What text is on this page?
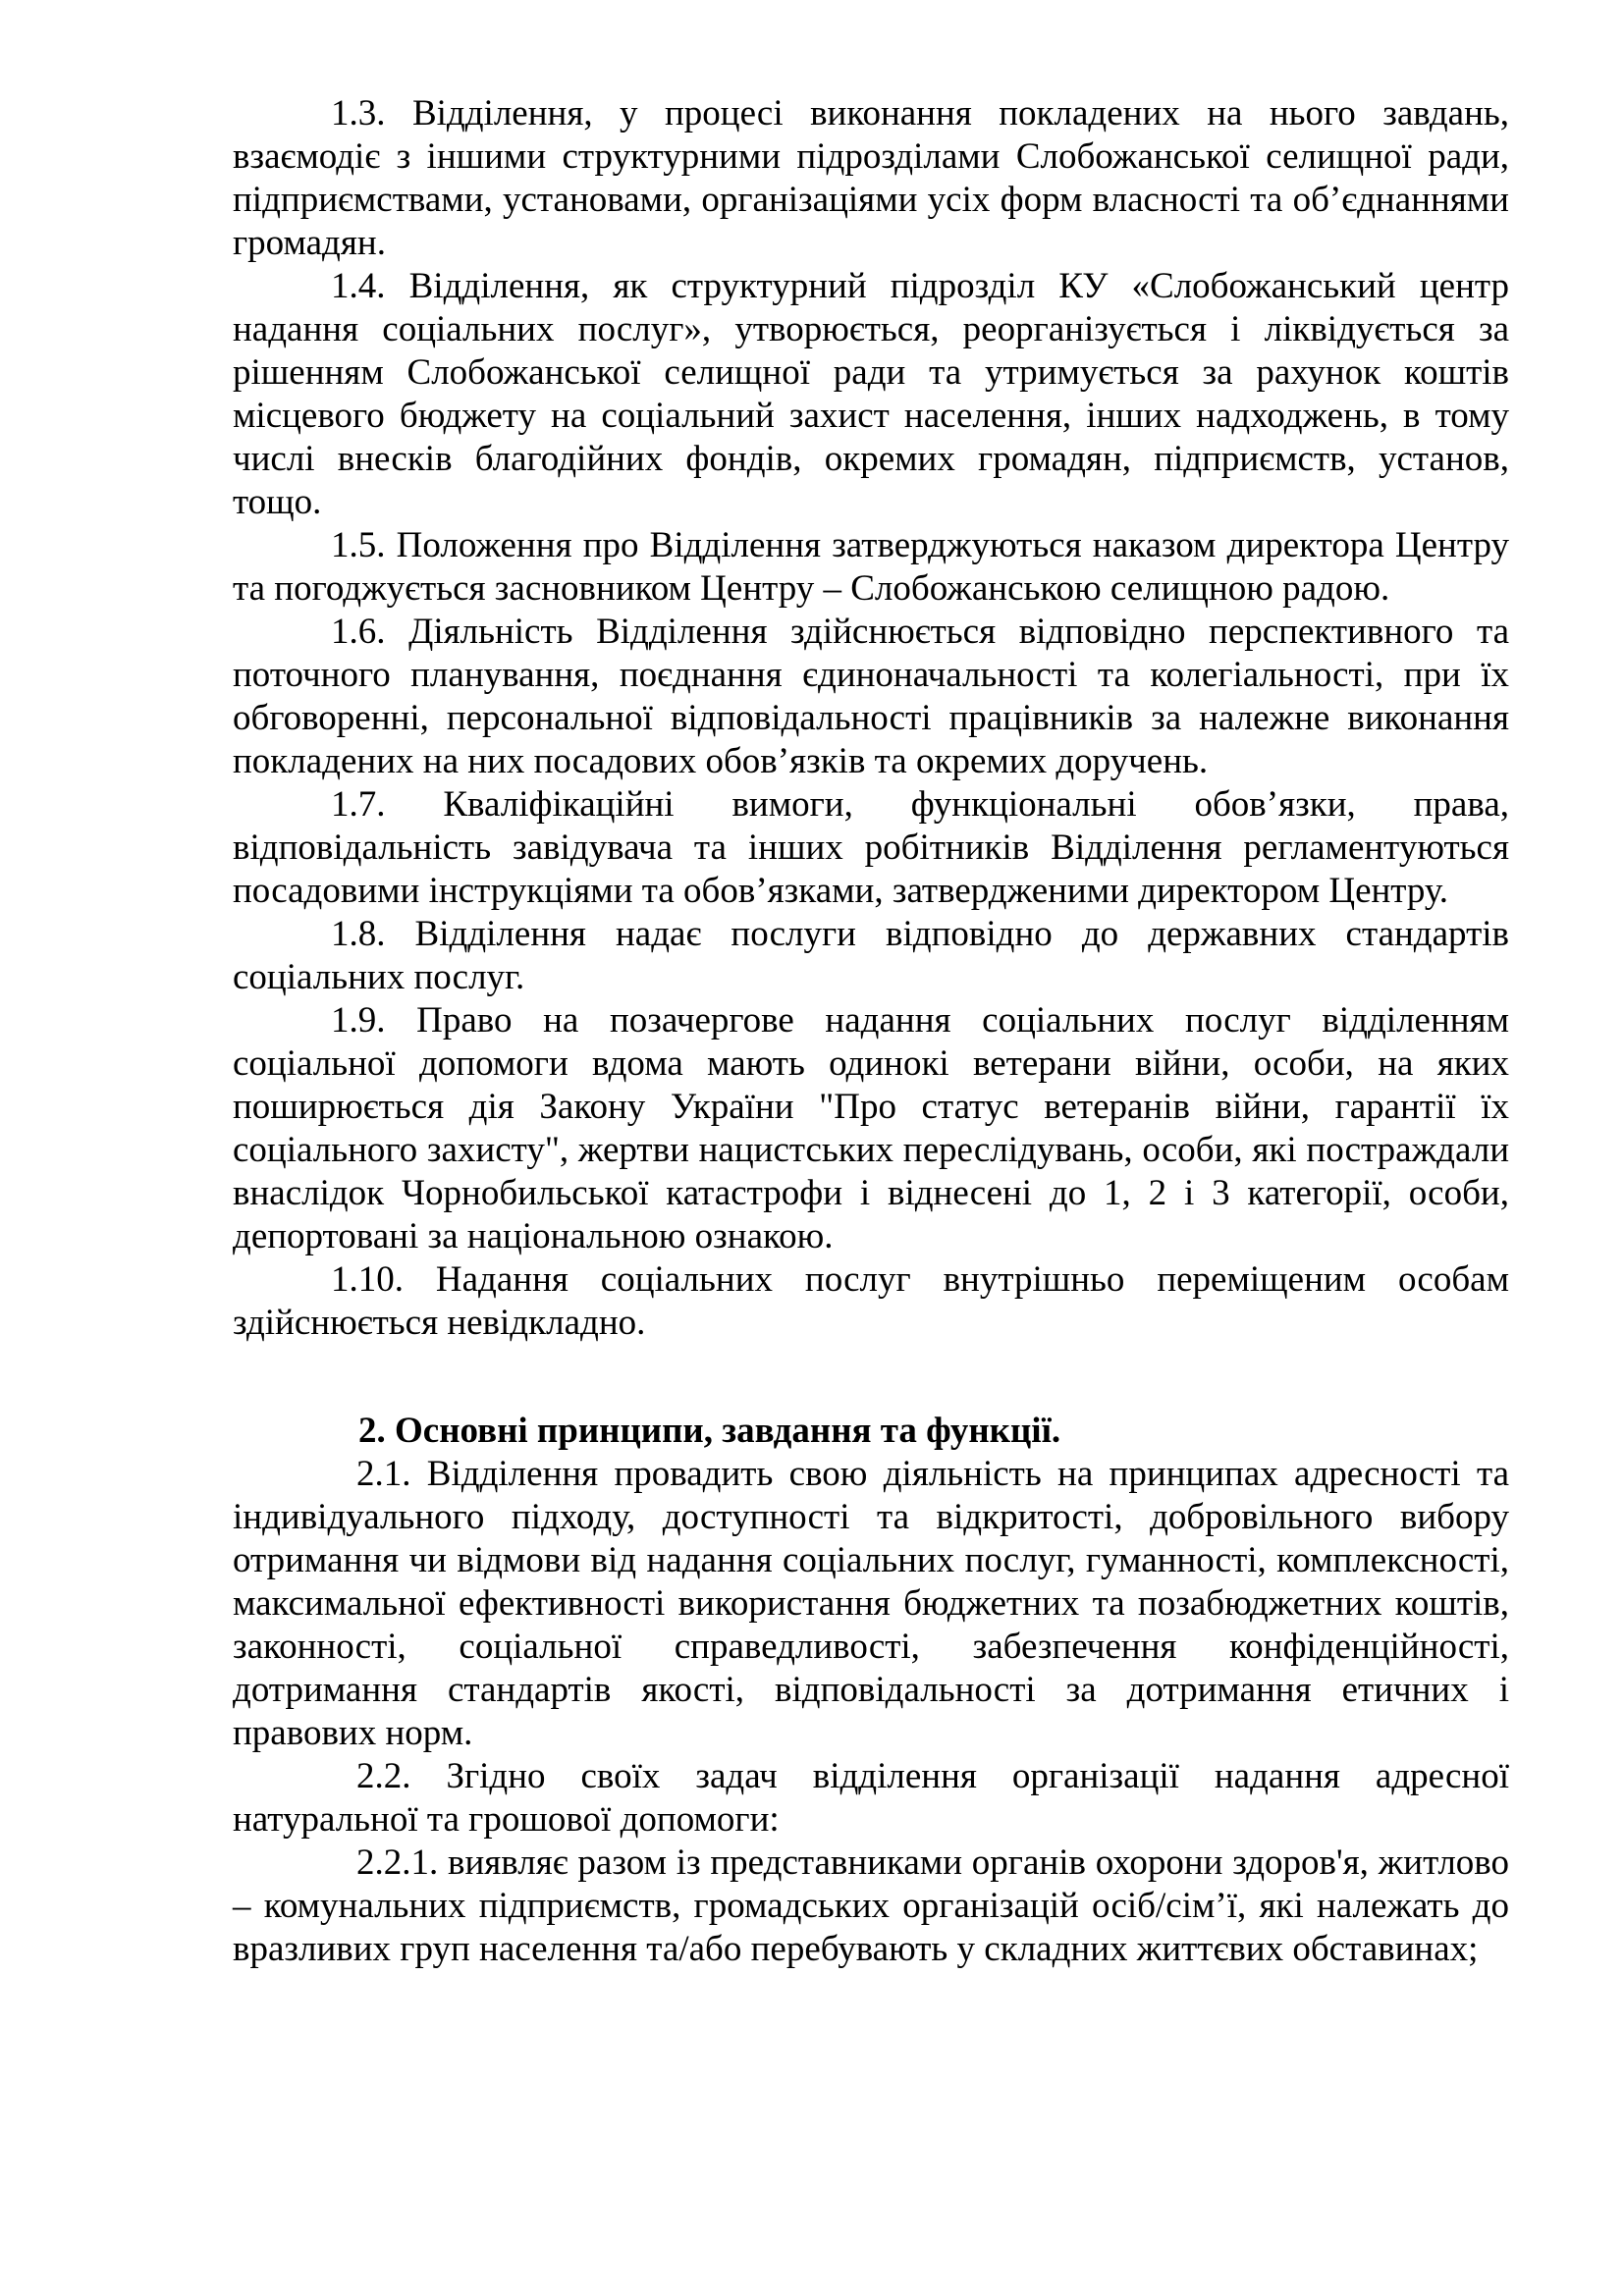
1.3. Відділення, у процесі виконання покладених на нього завдань, взаємодіє з іншими структурними підрозділами Слобожанської селищної ради, підприємствами, установами, організаціями усіх форм власності та об’єднаннями громадян.

1.4. Відділення, як структурний підрозділ КУ «Слобожанський центр надання соціальних послуг», утворюється, реорганізується і ліквідується за рішенням Слобожанської селищної ради та утримується за рахунок коштів місцевого бюджету на соціальний захист населення, інших надходжень, в тому числі внесків благодійних фондів, окремих громадян, підприємств, установ, тощо.

1.5. Положення про Відділення затверджуються наказом директора Центру та погоджується засновником Центру – Слобожанською селищною радою.

1.6. Діяльність Відділення здійснюється відповідно перспективного та поточного планування, поєднання єдиноначальності та колегіальності, при їх обговоренні, персональної відповідальності працівників за належне виконання покладених на них посадових обов’язків та окремих доручень.

1.7. Кваліфікаційні вимоги, функціональні обов’язки, права, відповідальність завідувача та інших робітників Відділення регламентуються посадовими інструкціями та обов’язками, затвердженими директором Центру.

1.8. Відділення надає послуги відповідно до державних стандартів соціальних послуг.

1.9. Право на позачергове надання соціальних послуг відділенням соціальної допомоги вдома мають одинокі ветерани війни, особи, на яких поширюється дія Закону України "Про статус ветеранів війни, гарантії їх соціального захисту", жертви нацистських переслідувань, особи, які постраждали внаслідок Чорнобильської катастрофи і віднесені до 1, 2 і 3 категорії, особи, депортовані за національною ознакою.

1.10. Надання соціальних послуг внутрішньо переміщеним особам здійснюється невідкладно.

2. Основні принципи, завдання та функції.

2.1. Відділення провадить свою діяльність на принципах адресності та індивідуального підходу, доступності та відкритості, добровільного вибору отримання чи відмови від надання соціальних послуг, гуманності, комплексності, максимальної ефективності використання бюджетних та позабюджетних коштів, законності, соціальної справедливості, забезпечення конфіденційності, дотримання стандартів якості, відповідальності за дотримання етичних і правових норм.

2.2. Згідно своїх задач відділення організації надання адресної натуральної та грошової допомоги:

2.2.1. виявляє разом із представниками органів охорони здоров'я, житлово – комунальних підприємств, громадських організацій осіб/сім’ї, які належать до вразливих груп населення та/або перебувають у складних життєвих обставинах;
